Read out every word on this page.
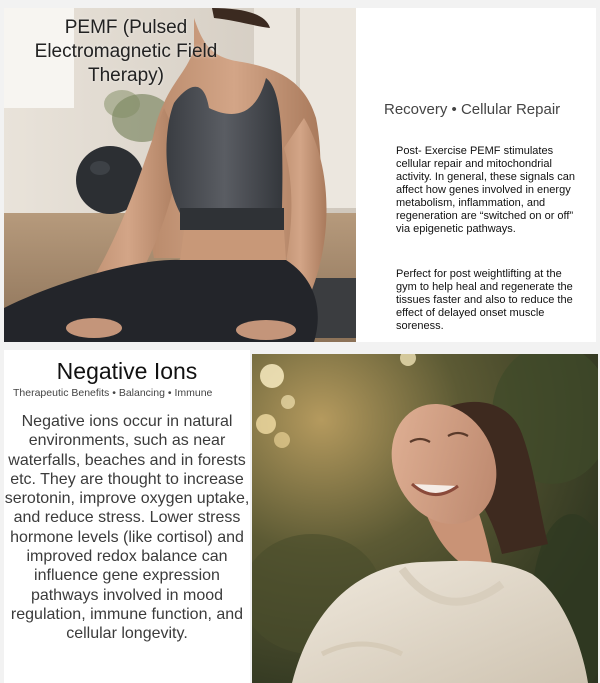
PEMF (Pulsed Electromagnetic Field Therapy)
Recovery • Cellular Repair
Post- Exercise PEMF stimulates cellular repair and mitochondrial activity. In general, these signals can affect how genes involved in energy metabolism, inflammation, and regeneration are “switched on or off” via epigenetic pathways.
Perfect for post weightlifting at the gym to help heal and regenerate the tissues faster and also to reduce the effect of delayed onset muscle soreness.
Negative Ions
Therapeutic Benefits • Balancing • Immune
Negative ions occur in natural environments, such as near waterfalls, beaches and in forests etc. They are thought to increase serotonin, improve oxygen uptake, and reduce stress. Lower stress hormone levels (like cortisol) and improved redox balance can influence gene expression pathways involved in mood regulation, immune function, and cellular longevity.
